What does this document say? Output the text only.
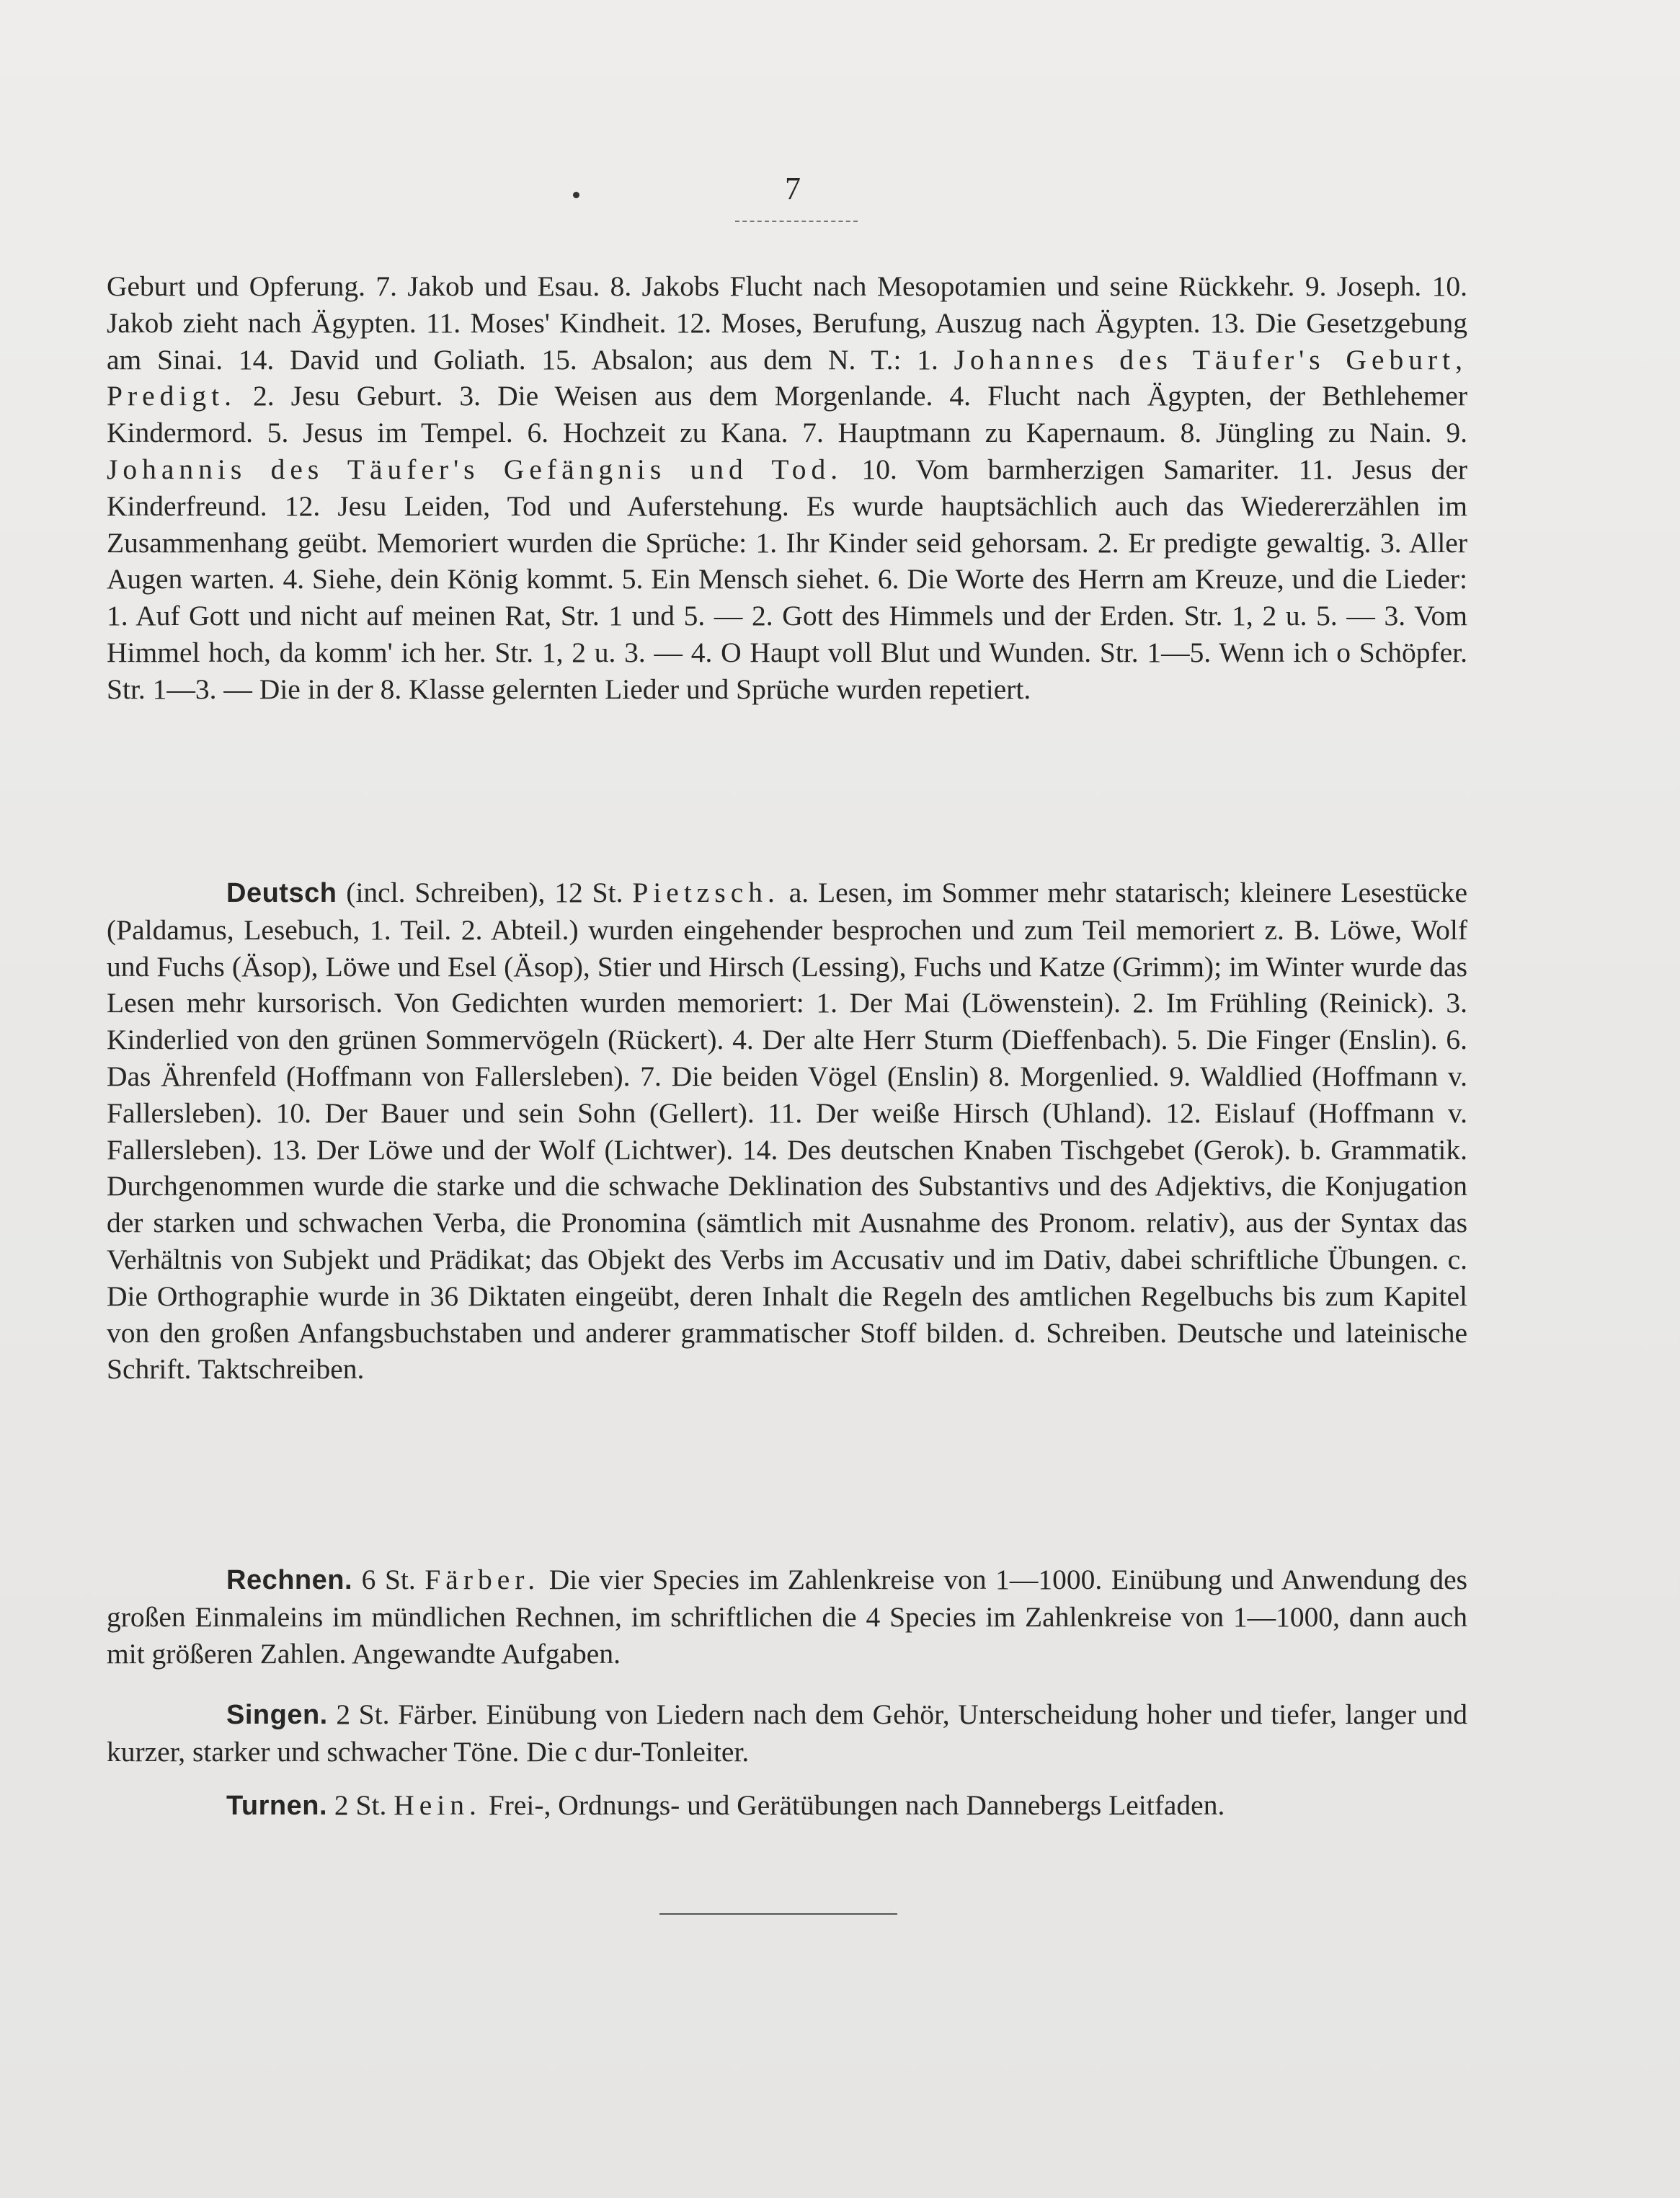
7

Geburt und Opferung. 7. Jakob und Esau. 8. Jakobs Flucht nach Mesopotamien und seine Rückkehr. 9. Joseph. 10. Jakob zieht nach Ägypten. 11. Moses' Kindheit. 12. Moses, Berufung, Auszug nach Ägypten. 13. Die Gesetzgebung am Sinai. 14. David und Goliath. 15. Absalon; aus dem N. T.: 1. Johannes des Täufer's Geburt, Predigt. 2. Jesu Geburt. 3. Die Weisen aus dem Morgenlande. 4. Flucht nach Ägypten, der Bethlehemer Kindermord. 5. Jesus im Tempel. 6. Hochzeit zu Kana. 7. Hauptmann zu Kapernaum. 8. Jüngling zu Nain. 9. Johannis des Täufer's Gefängnis und Tod. 10. Vom barmherzigen Samariter. 11. Jesus der Kinderfreund. 12. Jesu Leiden, Tod und Auferstehung. Es wurde hauptsächlich auch das Wiedererzählen im Zusammenhang geübt. Memoriert wurden die Sprüche: 1. Ihr Kinder seid gehorsam. 2. Er predigte gewaltig. 3. Aller Augen warten. 4. Siehe, dein König kommt. 5. Ein Mensch siehet. 6. Die Worte des Herrn am Kreuze, und die Lieder: 1. Auf Gott und nicht auf meinen Rat, Str. 1 und 5. — 2. Gott des Himmels und der Erden. Str. 1, 2 u. 5. — 3. Vom Himmel hoch, da komm' ich her. Str. 1, 2 u. 3. — 4. O Haupt voll Blut und Wunden. Str. 1—5. Wenn ich o Schöpfer. Str. 1—3. — Die in der 8. Klasse gelernten Lieder und Sprüche wurden repetiert.

Deutsch (incl. Schreiben), 12 St. Pietzsch. a. Lesen, im Sommer mehr statarisch; kleinere Lesestücke (Paldamus, Lesebuch, 1. Teil. 2. Abteil.) wurden eingehender besprochen und zum Teil memoriert z. B. Löwe, Wolf und Fuchs (Äsop), Löwe und Esel (Äsop), Stier und Hirsch (Lessing), Fuchs und Katze (Grimm); im Winter wurde das Lesen mehr kursorisch. Von Gedichten wurden memoriert: 1. Der Mai (Löwenstein). 2. Im Frühling (Reinick). 3. Kinderlied von den grünen Sommervögeln (Rückert). 4. Der alte Herr Sturm (Dieffenbach). 5. Die Finger (Enslin). 6. Das Ährenfeld (Hoffmann von Fallersleben). 7. Die beiden Vögel (Enslin) 8. Morgenlied. 9. Waldlied (Hoffmann v. Fallersleben). 10. Der Bauer und sein Sohn (Gellert). 11. Der weiße Hirsch (Uhland). 12. Eislauf (Hoffmann v. Fallersleben). 13. Der Löwe und der Wolf (Lichtwer). 14. Des deutschen Knaben Tischgebet (Gerok). b. Grammatik. Durchgenommen wurde die starke und die schwache Deklination des Substantivs und des Adjektivs, die Konjugation der starken und schwachen Verba, die Pronomina (sämtlich mit Ausnahme des Pronom. relativ), aus der Syntax das Verhältnis von Subjekt und Prädikat; das Objekt des Verbs im Accusativ und im Dativ, dabei schriftliche Übungen. c. Die Orthographie wurde in 36 Diktaten eingeübt, deren Inhalt die Regeln des amtlichen Regelbuchs bis zum Kapitel von den großen Anfangsbuchstaben und anderer grammatischer Stoff bilden. d. Schreiben. Deutsche und lateinische Schrift. Taktschreiben.

Rechnen. 6 St. Färber. Die vier Species im Zahlenkreise von 1—1000. Einübung und Anwendung des großen Einmaleins im mündlichen Rechnen, im schriftlichen die 4 Species im Zahlenkreise von 1—1000, dann auch mit größeren Zahlen. Angewandte Aufgaben.

Singen. 2 St. Färber. Einübung von Liedern nach dem Gehör, Unterscheidung hoher und tiefer, langer und kurzer, starker und schwacher Töne. Die c dur-Tonleiter.

Turnen. 2 St. Hein. Frei-, Ordnungs- und Gerätübungen nach Dannebergs Leitfaden.
